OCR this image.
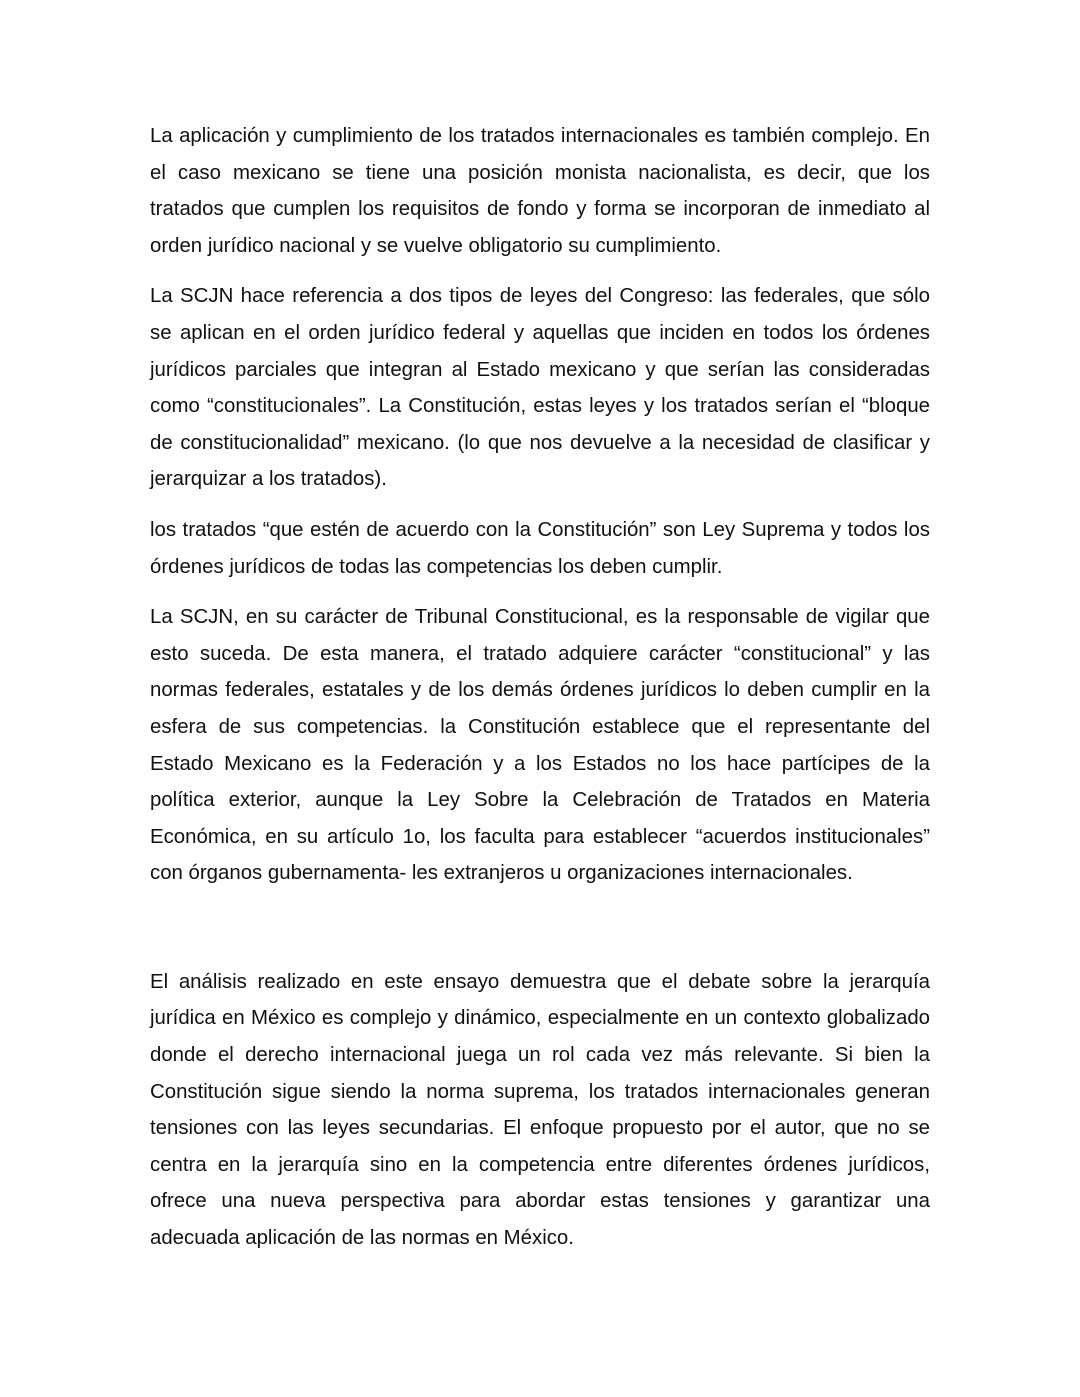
La aplicación y cumplimiento de los tratados internacionales es también complejo. En el caso mexicano se tiene una posición monista nacionalista, es decir, que los tratados que cumplen los requisitos de fondo y forma se incorporan de inmediato al orden jurídico nacional y se vuelve obligatorio su cumplimiento.

La SCJN hace referencia a dos tipos de leyes del Congreso: las federales, que sólo se aplican en el orden jurídico federal y aquellas que inciden en todos los órdenes jurídicos parciales que integran al Estado mexicano y que serían las consideradas como “constitucionales”. La Constitución, estas leyes y los tratados serían el “bloque de constitucionalidad” mexicano. (lo que nos devuelve a la necesidad de clasificar y jerarquizar a los tratados).

los tratados “que estén de acuerdo con la Constitución” son Ley Suprema y todos los órdenes jurídicos de todas las competencias los deben cumplir.

La SCJN, en su carácter de Tribunal Constitucional, es la responsable de vigilar que esto suceda. De esta manera, el tratado adquiere carácter “constitucional” y las normas federales, estatales y de los demás órdenes jurídicos lo deben cumplir en la esfera de sus competencias. la Constitución establece que el representante del Estado Mexicano es la Federación y a los Estados no los hace partícipes de la política exterior, aunque la Ley Sobre la Celebración de Tratados en Materia Económica, en su artículo 1o, los faculta para establecer “acuerdos institucionales” con órganos gubernamenta- les extranjeros u organizaciones internacionales.

El análisis realizado en este ensayo demuestra que el debate sobre la jerarquía jurídica en México es complejo y dinámico, especialmente en un contexto globalizado donde el derecho internacional juega un rol cada vez más relevante. Si bien la Constitución sigue siendo la norma suprema, los tratados internacionales generan tensiones con las leyes secundarias. El enfoque propuesto por el autor, que no se centra en la jerarquía sino en la competencia entre diferentes órdenes jurídicos, ofrece una nueva perspectiva para abordar estas tensiones y garantizar una adecuada aplicación de las normas en México.
